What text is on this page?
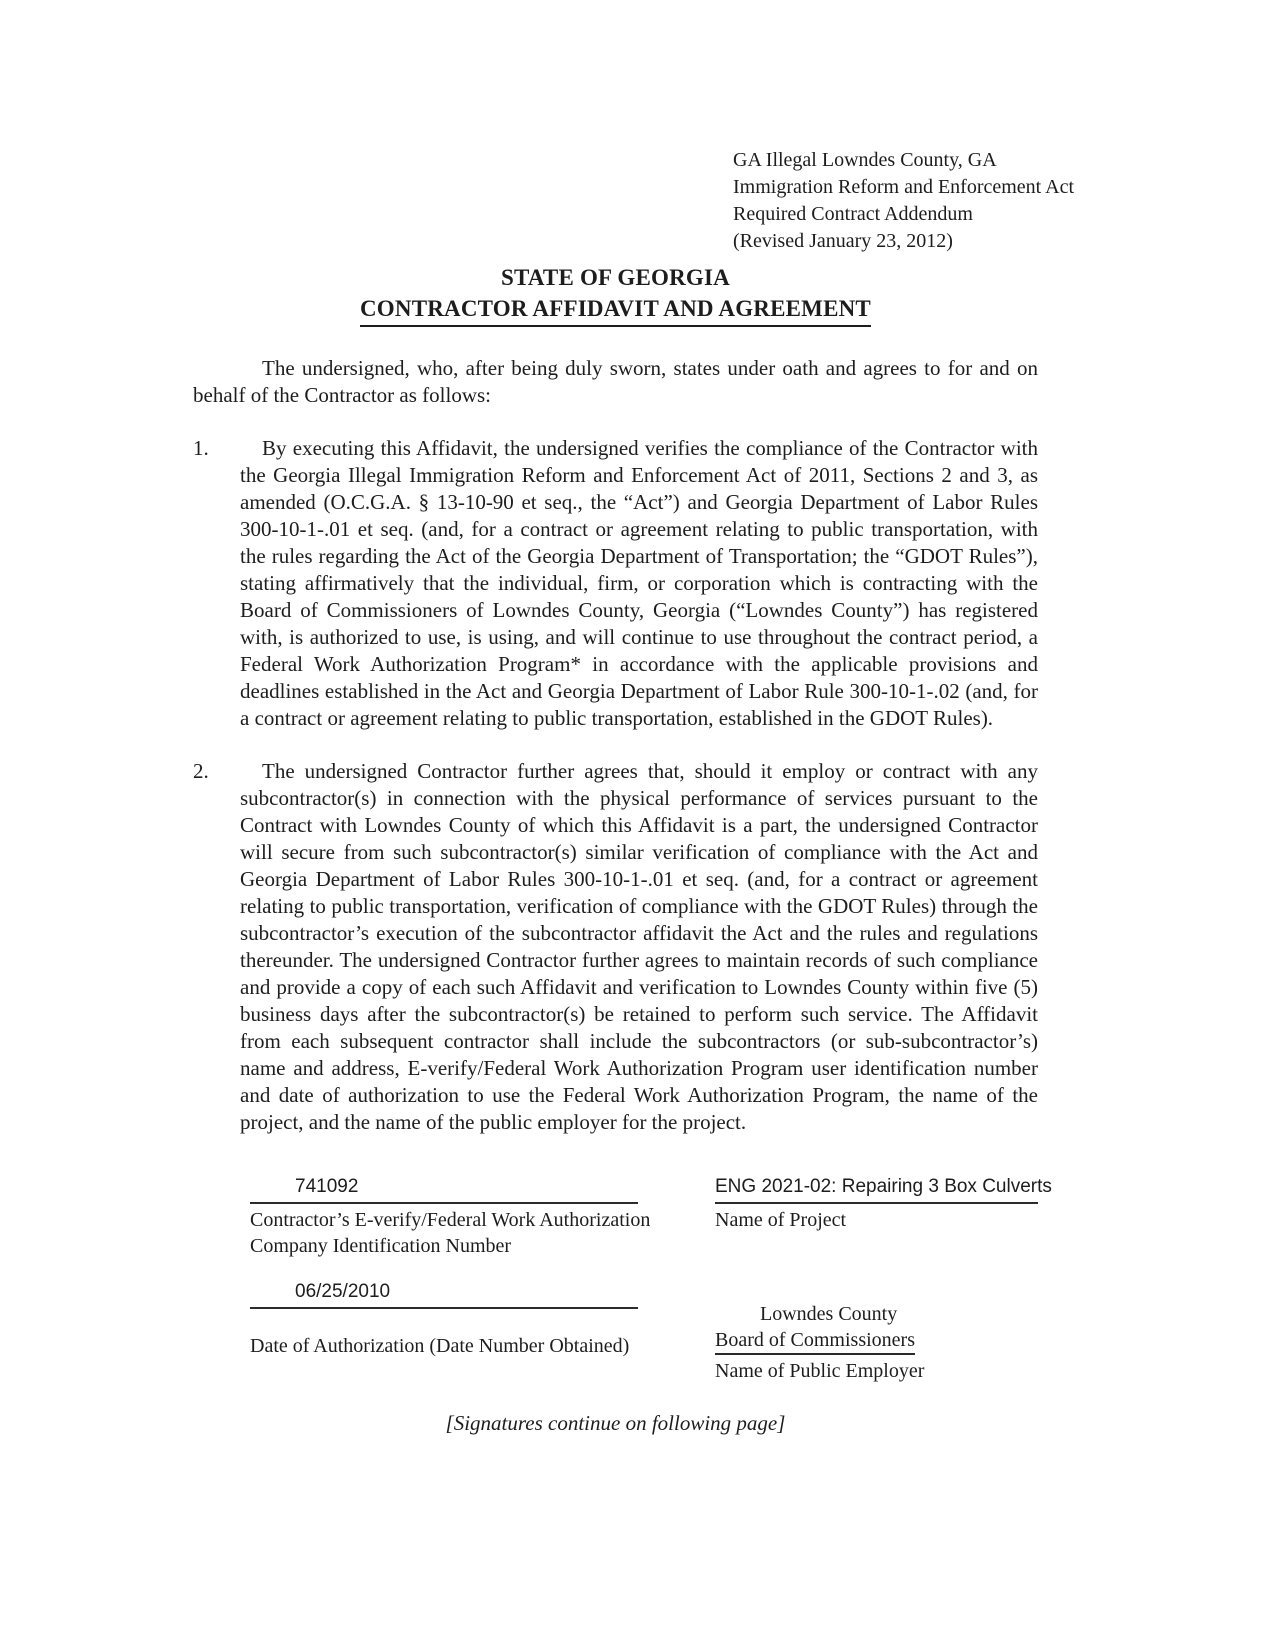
GA Illegal Lowndes County, GA
Immigration Reform and Enforcement Act
Required Contract Addendum
(Revised January 23, 2012)
STATE OF GEORGIA
CONTRACTOR AFFIDAVIT AND AGREEMENT

The undersigned, who, after being duly sworn, states under oath and agrees to for and on behalf of the Contractor as follows:

1.	By executing this Affidavit, the undersigned verifies the compliance of the Contractor with the Georgia Illegal Immigration Reform and Enforcement Act of 2011, Sections 2 and 3, as amended (O.C.G.A. § 13-10-90 et seq., the “Act”) and Georgia Department of Labor Rules 300-10-1-.01 et seq. (and, for a contract or agreement relating to public transportation, with the rules regarding the Act of the Georgia Department of Transportation; the “GDOT Rules”), stating affirmatively that the individual, firm, or corporation which is contracting with the Board of Commissioners of Lowndes County, Georgia (“Lowndes County”) has registered with, is authorized to use, is using, and will continue to use throughout the contract period, a Federal Work Authorization Program* in accordance with the applicable provisions and deadlines established in the Act and Georgia Department of Labor Rule 300-10-1-.02 (and, for a contract or agreement relating to public transportation, established in the GDOT Rules).
2.	The undersigned Contractor further agrees that, should it employ or contract with any subcontractor(s) in connection with the physical performance of services pursuant to the Contract with Lowndes County of which this Affidavit is a part, the undersigned Contractor will secure from such subcontractor(s) similar verification of compliance with the Act and Georgia Department of Labor Rules 300-10-1-.01 et seq. (and, for a contract or agreement relating to public transportation, verification of compliance with the GDOT Rules) through the subcontractor’s execution of the subcontractor affidavit the Act and the rules and regulations thereunder. The undersigned Contractor further agrees to maintain records of such compliance and provide a copy of each such Affidavit and verification to Lowndes County within five (5) business days after the subcontractor(s) be retained to perform such service. The Affidavit from each subsequent contractor shall include the subcontractors (or sub-subcontractor’s) name and address, E-verify/Federal Work Authorization Program user identification number and date of authorization to use the Federal Work Authorization Program, the name of the project, and the name of the public employer for the project.
741092
Contractor’s E-verify/Federal Work Authorization
Company Identification Number
06/25/2010
Date of Authorization (Date Number Obtained)
ENG 2021-02: Repairing 3 Box Culverts
Name of Project
Lowndes County
Board of Commissioners
Name of Public Employer
[Signatures continue on following page]
